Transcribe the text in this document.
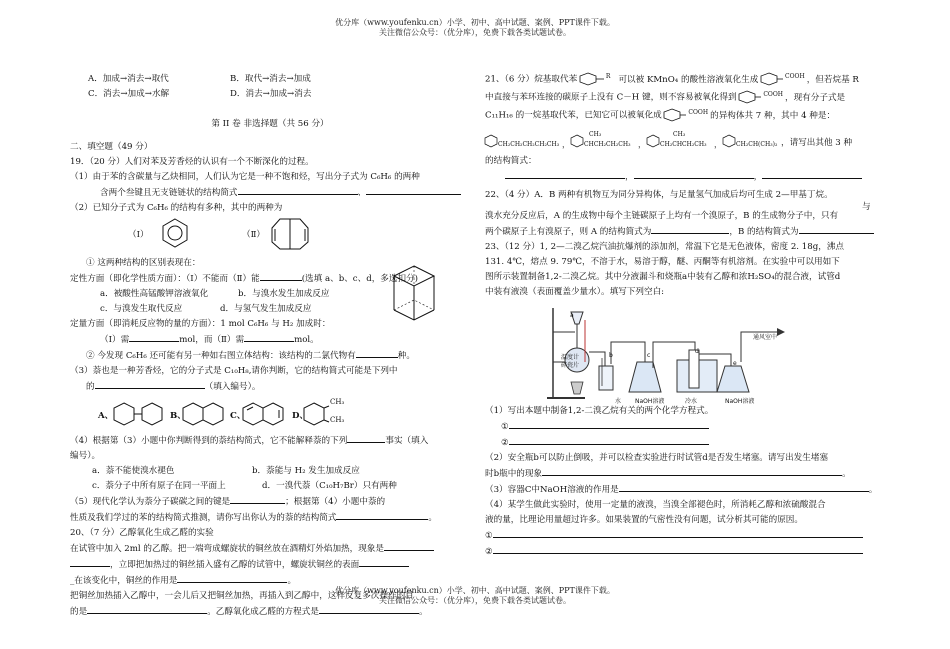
优分库（www.youfenku.cn）小学、初中、高中试题、案例、PPT课件下载。
关注微信公众号：（优分库），免费下载各类试题试卷。
A．加成→消去→取代	B．取代→消去→加成
C．消去→加成→水解	D．消去→加成→消去
第 II 卷 非选择题（共 56 分）
二、填空题（49 分）
19．（20 分）人们对苯及芳香烃的认识有一个不断深化的过程。
（1）由于苯的含碳量与乙炔相同，人们认为它是一种不饱和烃，写出分子式为 C₆H₆ 的两种
含两个叁键且无支链链状的结构简式	、
（2）已知分子式为 C₆H₆ 的结构有多种，其中的两种为
（Ⅰ）	（Ⅱ）
① 这两种结构的区别表现在：
定性方面（即化学性质方面）：（Ⅰ）不能而（Ⅱ）能	(选填 a、b、c、d，多选扣分)
a．被酸性高锰酸钾溶液氧化	b．与溴水发生加成反应
c．与溴发生取代反应	d．与氢气发生加成反应
定量方面（即消耗反应物的量的方面）：1 mol C₆H₆ 与 H₂ 加成时：
（Ⅰ）需	mol，而（Ⅱ）需	mol。
② 今发现 C₆H₆ 还可能有另一种如右图立体结构：该结构的二氯代物有	种。
（3）萘也是一种芳香烃，它的分子式是 C₁₀H₈,请你判断，它的结构简式可能是下列中
的	（填入编号）。
A、	B、	C、	D、
CH₃
CH₃
（4）根据第（3）小题中你判断得到的萘结构简式，它不能解释萘的下列	事实（填入
编号）。
a．萘不能使溴水褪色	b．萘能与 H₂ 发生加成反应
c．萘分子中所有原子在同一平面上	d．一溴代萘（C₁₀H₇Br）只有两种
（5）现代化学认为萘分子碳碳之间的键是	；根据第（4）小题中萘的
性质及我们学过的苯的结构简式推测，请你写出你认为的萘的结构简式	。
20、（7 分）乙醇氧化生成乙醛的实验
在试管中加入 2ml 的乙醇。把一端弯成螺旋状的铜丝放在酒精灯外焰加热，现象是
，立即把加热过的铜丝插入盛有乙醇的试管中，螺旋状铜丝的表面
_在该变化中，铜丝的作用是	。
把铜丝加热插入乙醇中，一会儿后又把铜丝加热，再插入到乙醇中，这样反复多次操作的目
的是	。乙醇氧化成乙醛的方程式是	。
21、（6 分）烷基取代苯	$^R$ 可以被 KMnO₄ 的酸性溶液氧化生成	$^{COOH}$ ，但若烷基 R
中直接与苯环连接的碳原子上没有 C－H 键，则不容易被氧化得到	$^{COOH}$ ，现有分子式是
C₁₁H₁₆ 的一烷基取代苯，已知它可以被氧化成	$^{COOH}$ 的异构体共 7 种，其中 4 种是：
CH₂CH₂CH₂CH₂CH₃ ，
CH₃
CHCH₂CH₂CH₃ ，
CH₃
CH₂CHCH₂CH₃ ， CH₂CH(CH₃)₂ ，请写出其他 3 种
的结构简式：
，	，
22、（4 分）A．B 两种有机物互为同分异构体，与足量氢气加成后均可生成 2—甲基丁烷。
与
溴水充分反应后，A 的生成物中每个主链碳原子上均有一个溴原子，B 的生成物分子中，只有
两个碳原子上有溴原子，则 A 的结构简式为	，B 的结构简式为
23、（12 分）1, 2—二溴乙烷汽油抗爆剂的添加剂，常温下它是无色液体，密度 2. 18g，沸点
131. 4℃，熔点 9. 79℃，不溶于水，易溶于醇，醚、丙酮等有机溶剂。在实验中可以用如下
图所示装置制备1,2-二溴乙烷。其中分液漏斗和烧瓶a中装有乙醇和浓H₂SO₄的混合液，试管d
中装有液溴（表面覆盖少量水）。填写下列空白:
a
温度计
碎瓷片
b	c
d
e
水 NaOH溶液	冷水	NaOH溶液
通风室中
（1）写出本题中制备1,2-二溴乙烷有关的两个化学方程式。
①
②
（2）安全瓶b可以防止倒吸，并可以检查实验进行时试管d是否发生堵塞。请写出发生堵塞
时b瓶中的现象	。
（3）容器C中NaOH溶液的作用是	。
（4）某学生做此实验时，使用一定量的液溴，当溴全部褪色时，所消耗乙醇和浓硫酸混合
液的量，比理论用量超过许多。如果装置的气密性没有问题，试分析其可能的原因。
①
②
优分库（www.youfenku.cn）小学、初中、高中试题、案例、PPT课件下载。
关注微信公众号：（优分库），免费下载各类试题试卷。
